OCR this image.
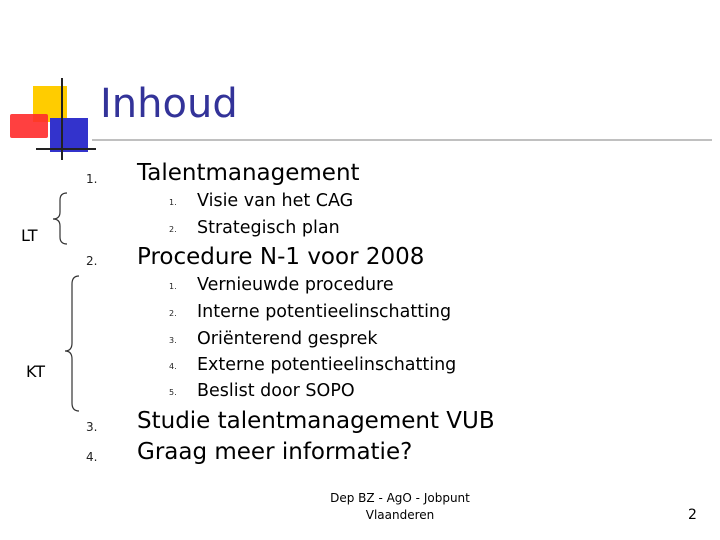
Inhoud
1. Talentmanagement
1. Visie van het CAG
2. Strategisch plan
2. Procedure N-1 voor 2008
1. Vernieuwde procedure
2. Interne potentieelinschatting
3. Oriënterend gesprek
4. Externe potentieelinschatting
5. Beslist door SOPO
3. Studie talentmanagement VUB
4. Graag meer informatie?
LT
KT
Dep BZ - AgO - Jobpunt
Vlaanderen	2
